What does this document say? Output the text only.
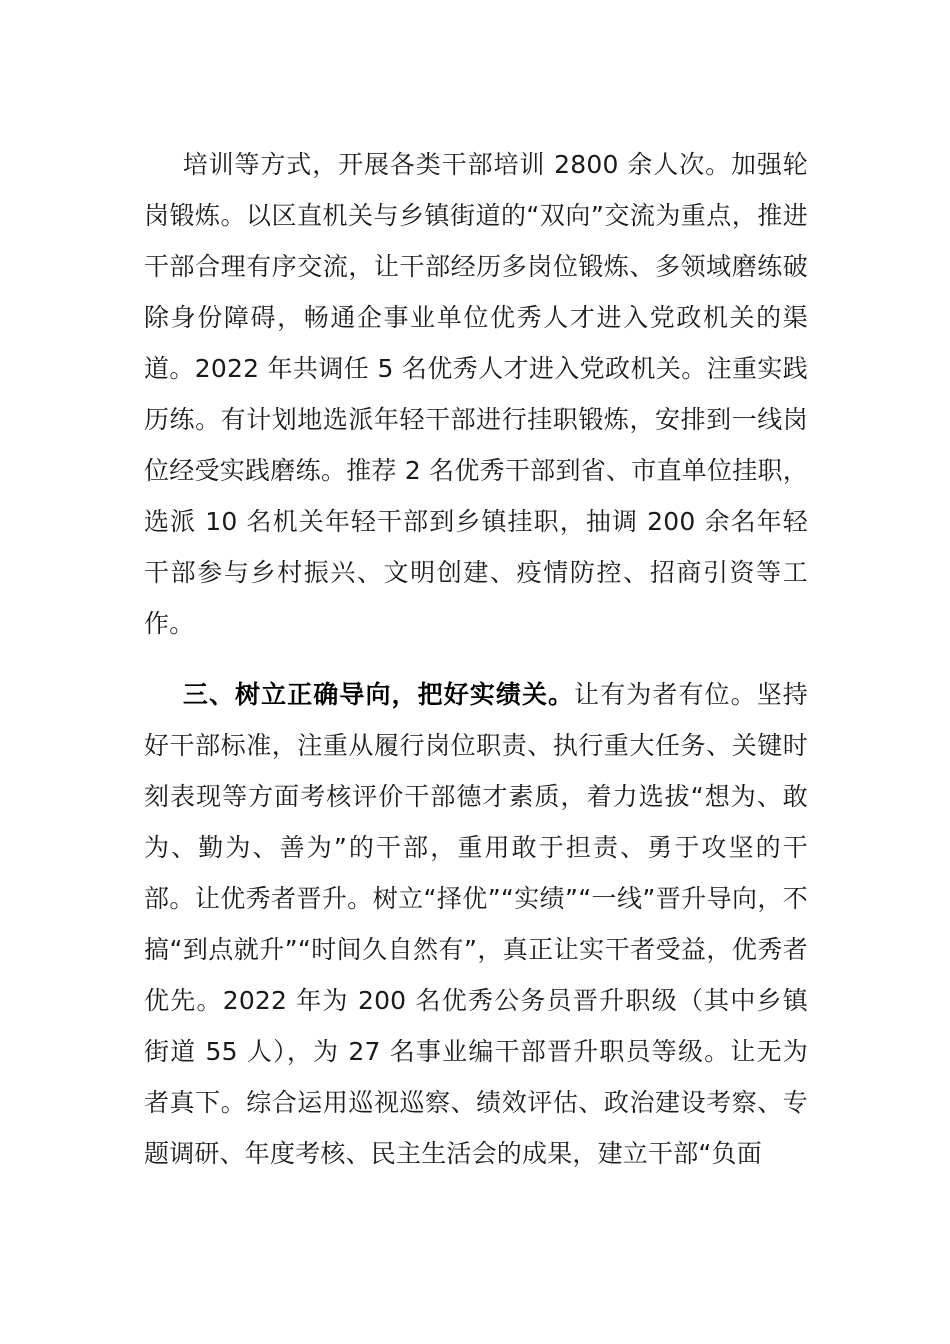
培训等方式，开展各类干部培训 2800 余人次。加强轮岗锻炼。以区直机关与乡镇街道的“双向”交流为重点，推进干部合理有序交流，让干部经历多岗位锻炼、多领域磨练破除身份障碍，畅通企事业单位优秀人才进入党政机关的渠道。2022 年共调任 5 名优秀人才进入党政机关。注重实践历练。有计划地选派年轻干部进行挂职锻炼，安排到一线岗位经受实践磨练。推荐 2 名优秀干部到省、市直单位挂职，选派 10 名机关年轻干部到乡镇挂职，抽调 200 余名年轻干部参与乡村振兴、文明创建、疫情防控、招商引资等工作。
三、树立正确导向，把好实绩关。让有为者有位。坚持好干部标准，注重从履行岗位职责、执行重大任务、关键时刻表现等方面考核评价干部德才素质，着力选拔“想为、敢为、勤为、善为”的干部，重用敢于担责、勇于攻坚的干部。让优秀者晋升。树立“择优”“实绩”“一线”晋升导向，不搞“到点就升”“时间久自然有”，真正让实干者受益，优秀者优先。2022 年为 200 名优秀公务员晋升职级（其中乡镇街道 55 人），为 27 名事业编干部晋升职员等级。让无为者真下。综合运用巡视巡察、绩效评估、政治建设考察、专题调研、年度考核、民主生活会的成果，建立干部“负面
